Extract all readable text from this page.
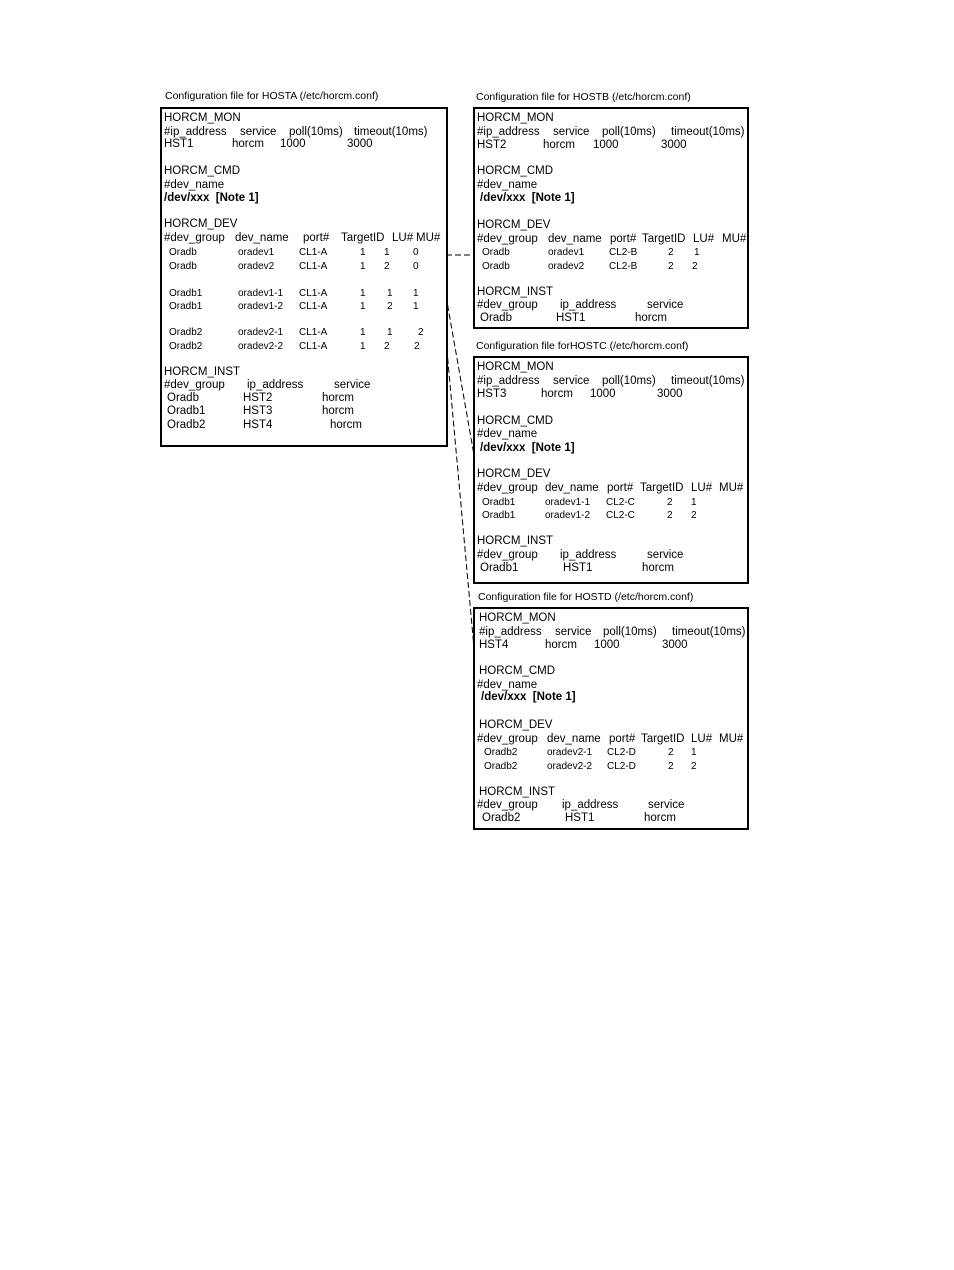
Configuration file for HOSTA (/etc/horcm.conf)
HORCM_MON
#ip_address service poll(10ms) timeout(10ms)
HST1	horcm 1000	3000
HORCM_CMD
#dev_name
/dev/xxx  [Note 1]
HORCM_DEV
#dev_group dev_name port# TargetID LU# MU#
Oradb	oradev1 CL1-A	1 1 0
Oradb	oradev2 CL1-A	1 2 0
Oradb1	oradev1-1 CL1-A	1 1 1
Oradb1	oradev1-2 CL1-A	1 2 1
Oradb2	oradev2-1 CL1-A	1 1	2
Oradb2	oradev2-2 CL1-A	1 2 2
HORCM_INST
#dev_group ip_address	service
Oradb	HST2	horcm
Oradb1	HST3	horcm
Oradb2	HST4	horcm
Configuration file for HOSTB (/etc/horcm.conf)
HORCM_MON
#ip_address service poll(10ms) timeout(10ms)
HST2	horcm 1000	3000
HORCM_CMD
#dev_name
/dev/xxx  [Note 1]
HORCM_DEV
#dev_group dev_name port# TargetID LU# MU#
Oradb	oradev1 CL2-B	2 1
Oradb	oradev2 CL2-B	2 2
HORCM_INST
#dev_group ip_address	service
Oradb	HST1	horcm
Configuration file forHOSTC (/etc/horcm.conf)
HORCM_MON
#ip_address service poll(10ms) timeout(10ms)
HST3	horcm 1000	3000
HORCM_CMD
#dev_name
/dev/xxx  [Note 1]
HORCM_DEV
#dev_group dev_name port# TargetID LU# MU#
Oradb1	oradev1-1 CL2-C	2 1
Oradb1	oradev1-2 CL2-C	2 2
HORCM_INST
#dev_group ip_address	service
Oradb1	HST1	horcm
Configuration file for HOSTD (/etc/horcm.conf)
HORCM_MON
#ip_address service poll(10ms) timeout(10ms)
HST4	horcm 1000	3000
HORCM_CMD
#dev_name
/dev/xxx  [Note 1]
HORCM_DEV
#dev_group dev_name port# TargetID LU# MU#
Oradb2	oradev2-1 CL2-D	2 1
Oradb2	oradev2-2 CL2-D	2 2
HORCM_INST
#dev_group ip_address	service
Oradb2	HST1	horcm
